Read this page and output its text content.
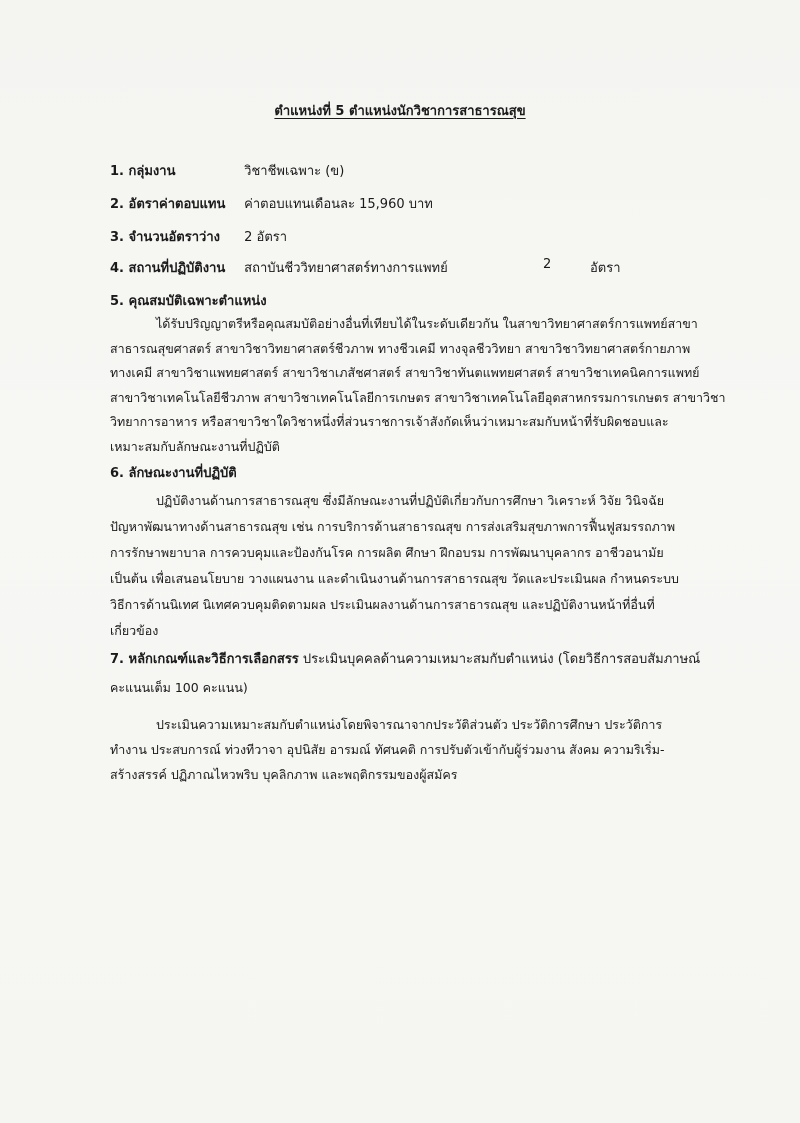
ตำแหน่งที่ 5 ตำแหน่งนักวิชาการสาธารณสุข
1. กลุ่มงาน	วิชาชีพเฉพาะ (ข)
2. อัตราค่าตอบแทน ค่าตอบแทนเดือนละ 15,960 บาท
3. จำนวนอัตราว่าง 2 อัตรา
4. สถานที่ปฏิบัติงาน สถาบันชีววิทยาศาสตร์ทางการแพทย์	2	อัตรา
5. คุณสมบัติเฉพาะตำแหน่ง
ได้รับปริญญาตรีหรือคุณสมบัติอย่างอื่นที่เทียบได้ในระดับเดียวกัน ในสาขาวิทยาศาสตร์การแพทย์สาขา
สาธารณสุขศาสตร์ สาขาวิชาวิทยาศาสตร์ชีวภาพ ทางชีวเคมี ทางจุลชีววิทยา สาขาวิชาวิทยาศาสตร์กายภาพ
ทางเคมี สาขาวิชาแพทยศาสตร์ สาขาวิชาเภสัชศาสตร์ สาขาวิชาทันตแพทยศาสตร์ สาขาวิชาเทคนิคการแพทย์
สาขาวิชาเทคโนโลยีชีวภาพ สาขาวิชาเทคโนโลยีการเกษตร สาขาวิชาเทคโนโลยีอุตสาหกรรมการเกษตร สาขาวิชา
วิทยาการอาหาร หรือสาขาวิชาใดวิชาหนึ่งที่ส่วนราชการเจ้าสังกัดเห็นว่าเหมาะสมกับหน้าที่รับผิดชอบและ
เหมาะสมกับลักษณะงานที่ปฏิบัติ
6. ลักษณะงานที่ปฏิบัติ
ปฏิบัติงานด้านการสาธารณสุข ซึ่งมีลักษณะงานที่ปฏิบัติเกี่ยวกับการศึกษา วิเคราะห์ วิจัย วินิจฉัย
ปัญหาพัฒนาทางด้านสาธารณสุข เช่น การบริการด้านสาธารณสุข การส่งเสริมสุขภาพการฟื้นฟูสมรรถภาพ
การรักษาพยาบาล การควบคุมและป้องกันโรค การผลิต ศึกษา ฝึกอบรม การพัฒนาบุคลากร อาชีวอนามัย
เป็นต้น เพื่อเสนอนโยบาย วางแผนงาน และดำเนินงานด้านการสาธารณสุข วัดและประเมินผล กำหนดระบบ
วิธีการด้านนิเทศ นิเทศควบคุมติดตามผล ประเมินผลงานด้านการสาธารณสุข และปฏิบัติงานหน้าที่อื่นที่
เกี่ยวข้อง
7. หลักเกณฑ์และวิธีการเลือกสรร ประเมินบุคคลด้านความเหมาะสมกับตำแหน่ง (โดยวิธีการสอบสัมภาษณ์
คะแนนเต็ม 100 คะแนน)
ประเมินความเหมาะสมกับตำแหน่งโดยพิจารณาจากประวัติส่วนตัว ประวัติการศึกษา ประวัติการ
ทำงาน ประสบการณ์ ท่วงทีวาจา อุปนิสัย อารมณ์ ทัศนคติ การปรับตัวเข้ากับผู้ร่วมงาน สังคม ความริเริ่ม-
สร้างสรรค์ ปฏิภาณไหวพริบ บุคลิกภาพ และพฤติกรรมของผู้สมัคร
